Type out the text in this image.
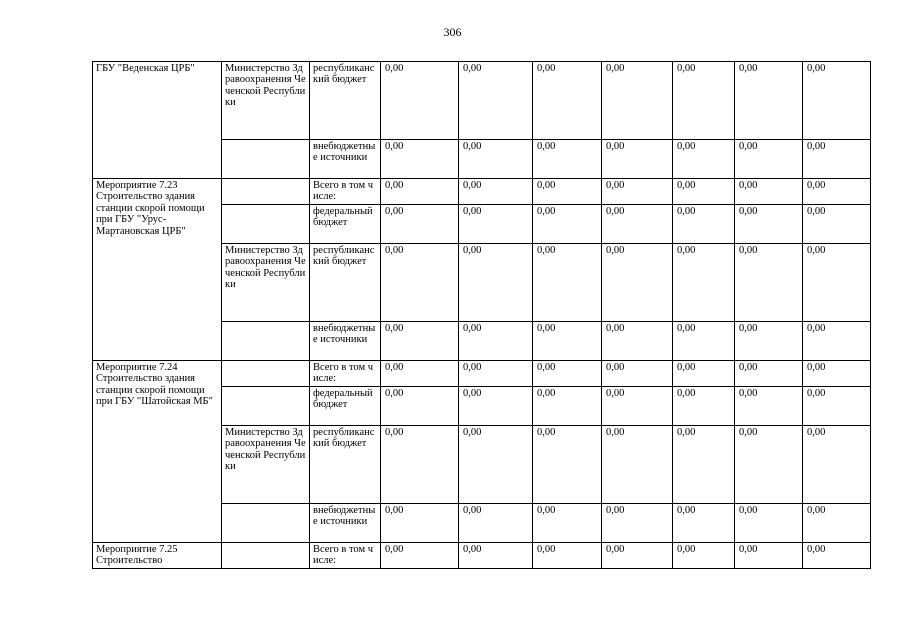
306
ГБУ "Веденская ЦРБ"	Министерство Здравоохранения Чеченской Республики	республиканский бюджет	0,00	0,00	0,00	0,00	0,00	0,00	0,00
		внебюджетные источники	0,00	0,00	0,00	0,00	0,00	0,00	0,00
Мероприятие 7.23 Строительство здания станции скорой помощи при ГБУ "Урус-Мартановская ЦРБ"		Всего в том числе:	0,00	0,00	0,00	0,00	0,00	0,00	0,00
		федеральный бюджет	0,00	0,00	0,00	0,00	0,00	0,00	0,00
	Министерство Здравоохранения Чеченской Республики	республиканский бюджет	0,00	0,00	0,00	0,00	0,00	0,00	0,00
		внебюджетные источники	0,00	0,00	0,00	0,00	0,00	0,00	0,00
Мероприятие 7.24 Строительство здания станции скорой помощи при ГБУ "Шатойская МБ"		Всего в том числе:	0,00	0,00	0,00	0,00	0,00	0,00	0,00
		федеральный бюджет	0,00	0,00	0,00	0,00	0,00	0,00	0,00
	Министерство Здравоохранения Чеченской Республики	республиканский бюджет	0,00	0,00	0,00	0,00	0,00	0,00	0,00
		внебюджетные источники	0,00	0,00	0,00	0,00	0,00	0,00	0,00
Мероприятие 7.25 Строительство		Всего в том числе:	0,00	0,00	0,00	0,00	0,00	0,00	0,00
